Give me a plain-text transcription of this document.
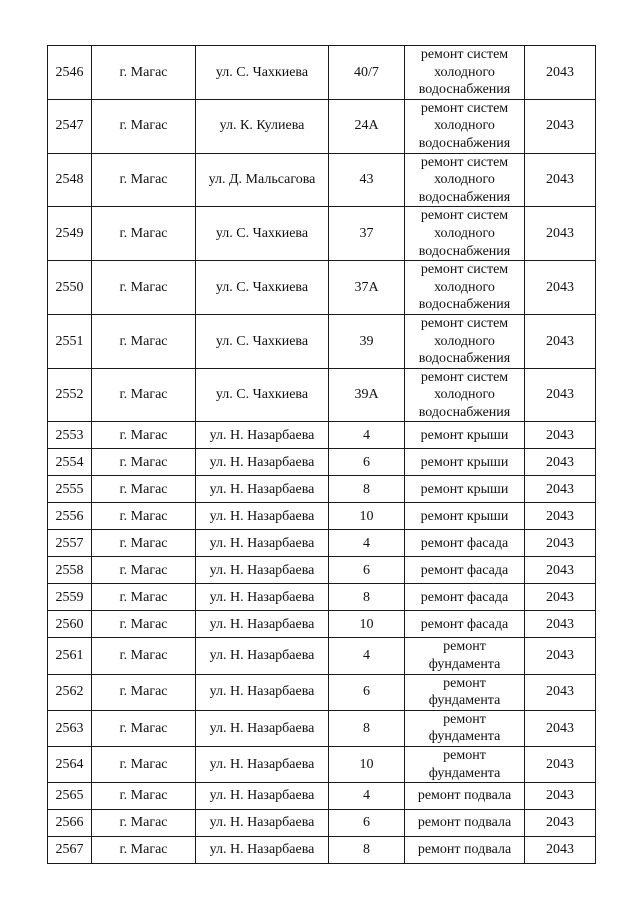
2546	г. Магас	ул. С. Чахкиева	40/7	ремонт систем холодного водоснабжения	2043
2547	г. Магас	ул. К. Кулиева	24А	ремонт систем холодного водоснабжения	2043
2548	г. Магас	ул. Д. Мальсагова	43	ремонт систем холодного водоснабжения	2043
2549	г. Магас	ул. С. Чахкиева	37	ремонт систем холодного водоснабжения	2043
2550	г. Магас	ул. С. Чахкиева	37А	ремонт систем холодного водоснабжения	2043
2551	г. Магас	ул. С. Чахкиева	39	ремонт систем холодного водоснабжения	2043
2552	г. Магас	ул. С. Чахкиева	39А	ремонт систем холодного водоснабжения	2043
2553	г. Магас	ул. Н. Назарбаева	4	ремонт крыши	2043
2554	г. Магас	ул. Н. Назарбаева	6	ремонт крыши	2043
2555	г. Магас	ул. Н. Назарбаева	8	ремонт крыши	2043
2556	г. Магас	ул. Н. Назарбаева	10	ремонт крыши	2043
2557	г. Магас	ул. Н. Назарбаева	4	ремонт фасада	2043
2558	г. Магас	ул. Н. Назарбаева	6	ремонт фасада	2043
2559	г. Магас	ул. Н. Назарбаева	8	ремонт фасада	2043
2560	г. Магас	ул. Н. Назарбаева	10	ремонт фасада	2043
2561	г. Магас	ул. Н. Назарбаева	4	ремонт фундамента	2043
2562	г. Магас	ул. Н. Назарбаева	6	ремонт фундамента	2043
2563	г. Магас	ул. Н. Назарбаева	8	ремонт фундамента	2043
2564	г. Магас	ул. Н. Назарбаева	10	ремонт фундамента	2043
2565	г. Магас	ул. Н. Назарбаева	4	ремонт подвала	2043
2566	г. Магас	ул. Н. Назарбаева	6	ремонт подвала	2043
2567	г. Магас	ул. Н. Назарбаева	8	ремонт подвала	2043
